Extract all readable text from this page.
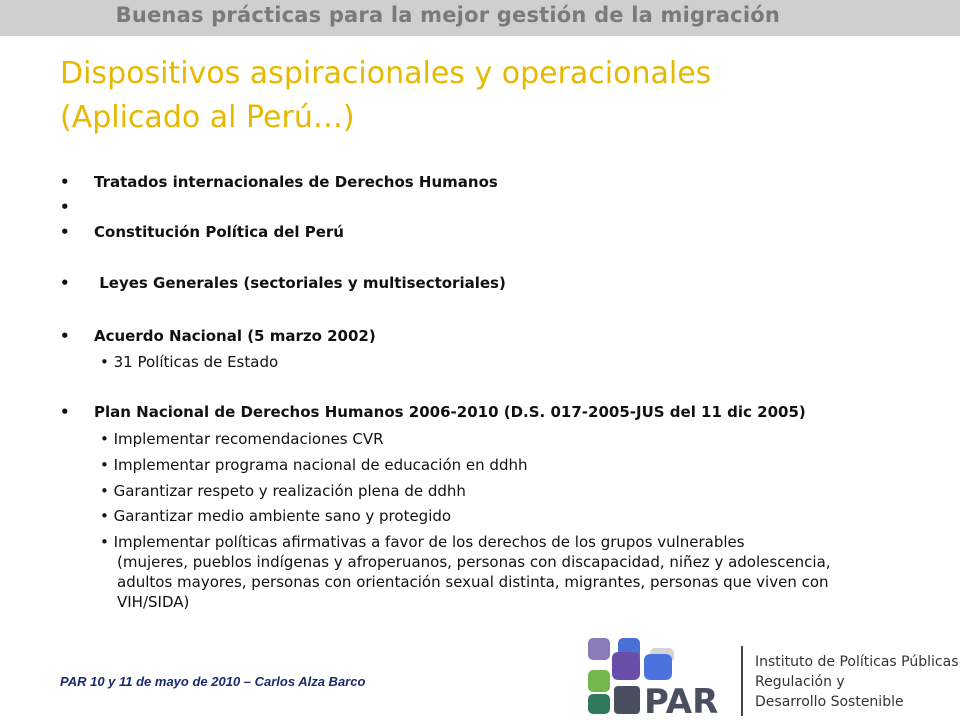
Buenas prácticas para la mejor gestión de la migración
Dispositivos aspiracionales y operacionales
(Aplicado al Perú…)
• Tratados internacionales de Derechos Humanos
•
• Constitución Política del Perú
• Leyes Generales (sectoriales y multisectoriales)
• Acuerdo Nacional (5 marzo 2002)
• 31 Políticas de Estado
• Plan Nacional de Derechos Humanos 2006-2010 (D.S. 017-2005-JUS del 11 dic 2005)
• Implementar recomendaciones CVR
• Implementar programa nacional de educación en ddhh
• Garantizar respeto y realización plena de ddhh
• Garantizar medio ambiente sano y protegido
• Implementar políticas afirmativas a favor de los derechos de los grupos vulnerables
(mujeres, pueblos indígenas y afroperuanos, personas con discapacidad, niñez y adolescencia, adultos mayores, personas con orientación sexual distinta, migrantes, personas que viven con VIH/SIDA)
PAR 10 y 11 de mayo de 2010 – Carlos Alza Barco
PAR
Instituto de Políticas Públicas
Regulación y
Desarrollo Sostenible
